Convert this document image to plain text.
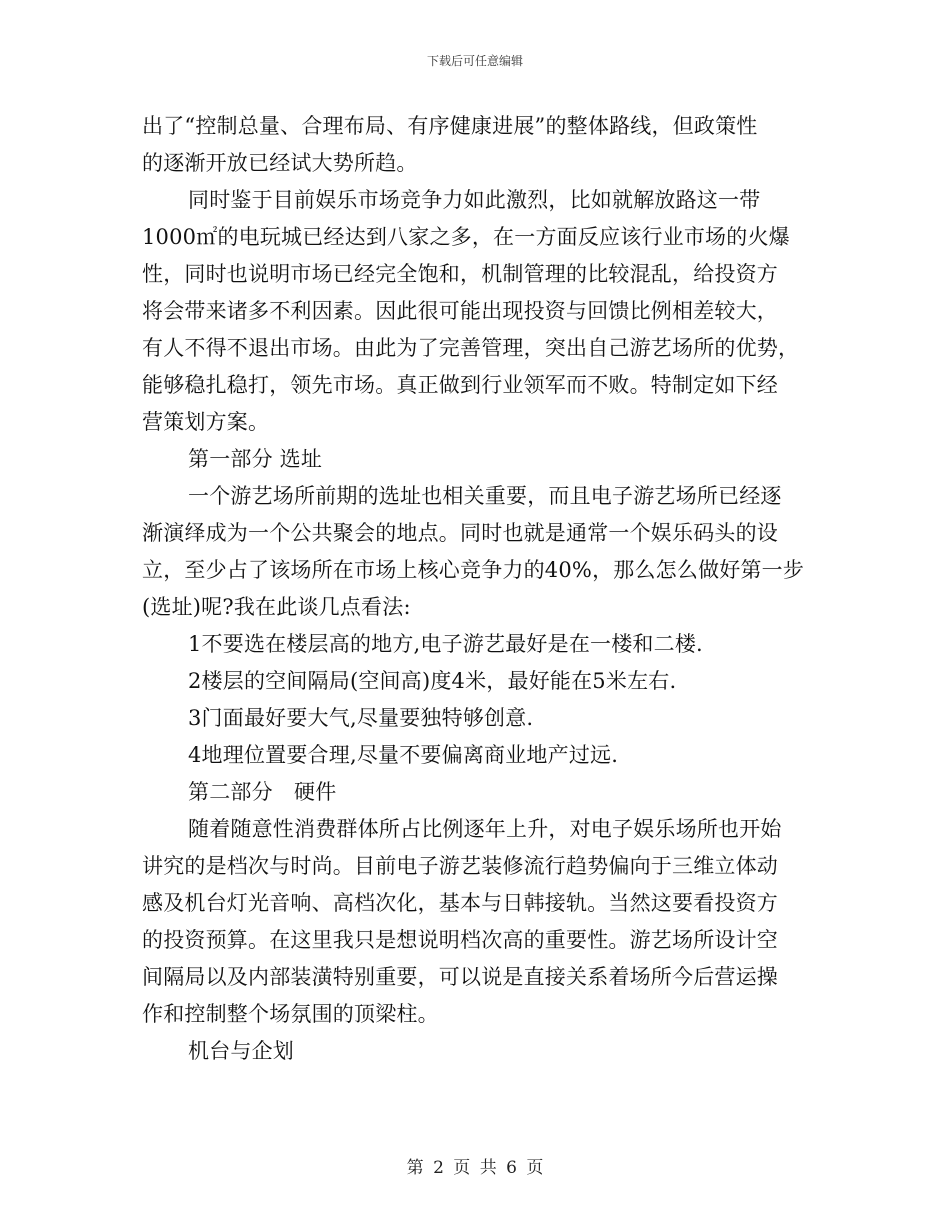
下载后可任意编辑
出了“控制总量、合理布局、有序健康进展”的整体路线，但政策性
的逐渐开放已经试大势所趋。
同时鉴于目前娱乐市场竞争力如此激烈，比如就解放路这一带
1000㎡的电玩城已经达到八家之多，在一方面反应该行业市场的火爆
性，同时也说明市场已经完全饱和，机制管理的比较混乱，给投资方
将会带来诸多不利因素。因此很可能出现投资与回馈比例相差较大，
有人不得不退出市场。由此为了完善管理，突出自己游艺场所的优势，
能够稳扎稳打，领先市场。真正做到行业领军而不败。特制定如下经
营策划方案。
第一部分 选址
一个游艺场所前期的选址也相关重要，而且电子游艺场所已经逐
渐演绎成为一个公共聚会的地点。同时也就是通常一个娱乐码头的设
立，至少占了该场所在市场上核心竞争力的40%，那么怎么做好第一步
(选址)呢?我在此谈几点看法:
1不要选在楼层高的地方,电子游艺最好是在一楼和二楼.
2楼层的空间隔局(空间高)度4米，最好能在5米左右.
3门面最好要大气,尽量要独特够创意.
4地理位置要合理,尽量不要偏离商业地产过远.
第二部分　硬件
随着随意性消费群体所占比例逐年上升，对电子娱乐场所也开始
讲究的是档次与时尚。目前电子游艺装修流行趋势偏向于三维立体动
感及机台灯光音响、高档次化，基本与日韩接轨。当然这要看投资方
的投资预算。在这里我只是想说明档次高的重要性。游艺场所设计空
间隔局以及内部装潢特别重要，可以说是直接关系着场所今后营运操
作和控制整个场氛围的顶梁柱。
机台与企划
第 2 页 共 6 页
